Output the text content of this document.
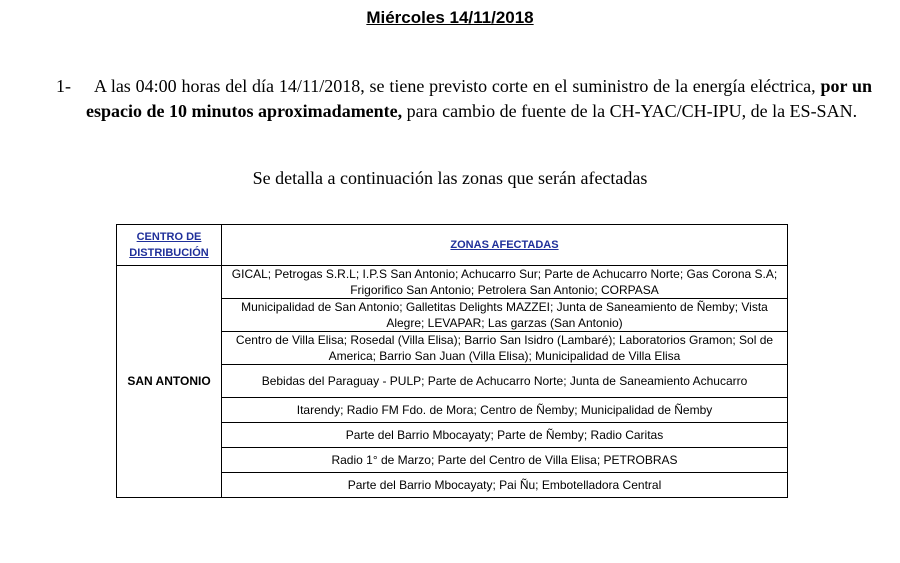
Miércoles 14/11/2018
1-	A las 04:00 horas del día 14/11/2018, se tiene previsto corte en el suministro de la energía eléctrica, por un espacio de 10 minutos aproximadamente, para cambio de fuente de la CH-YAC/CH-IPU, de la ES-SAN.
Se detalla a continuación las zonas que serán afectadas
CENTRO DE DISTRIBUCIÓN	ZONAS AFECTADAS
SAN ANTONIO	GICAL; Petrogas S.R.L; I.P.S San Antonio; Achucarro Sur; Parte de Achucarro Norte; Gas Corona S.A; Frigorifico San Antonio; Petrolera San Antonio; CORPASA
	Municipalidad de San Antonio; Galletitas Delights MAZZEI; Junta de Saneamiento de Ñemby; Vista Alegre; LEVAPAR; Las garzas (San Antonio)
	Centro de Villa Elisa; Rosedal (Villa Elisa); Barrio San Isidro (Lambaré); Laboratorios Gramon; Sol de America; Barrio San Juan (Villa Elisa); Municipalidad de Villa Elisa
	Bebidas del Paraguay - PULP; Parte de Achucarro Norte; Junta de Saneamiento Achucarro
	Itarendy; Radio FM Fdo. de Mora; Centro de Ñemby; Municipalidad de Ñemby
	Parte del Barrio Mbocayaty; Parte de Ñemby; Radio Caritas
	Radio 1° de Marzo; Parte del Centro de Villa Elisa; PETROBRAS
	Parte del Barrio Mbocayaty; Pai Ñu; Embotelladora Central
